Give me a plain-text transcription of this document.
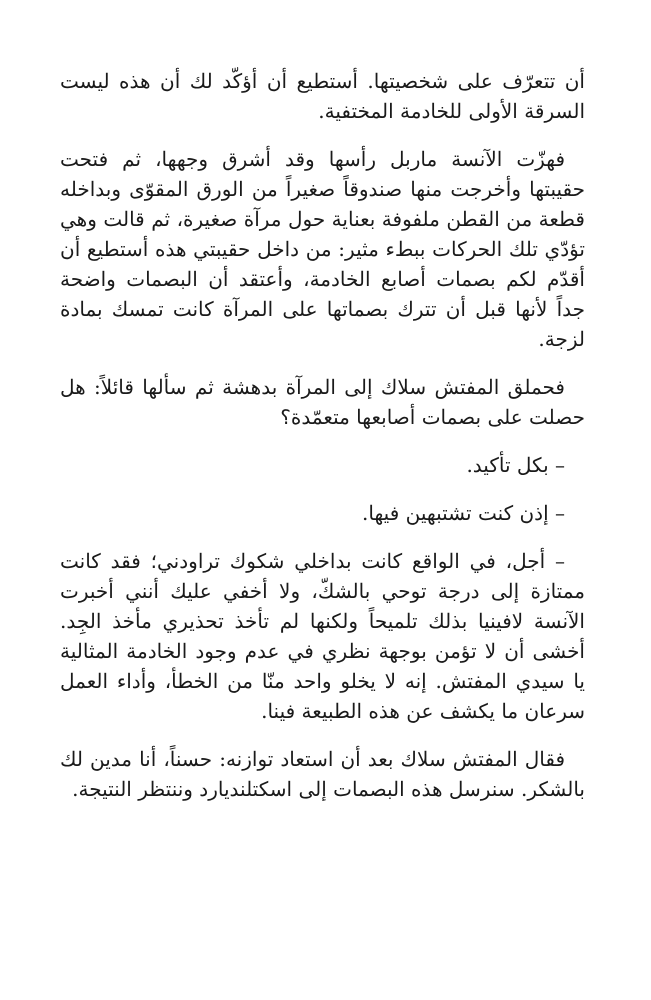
أن تتعرّف على شخصيتها. أستطيع أن أؤكّد لك أن هذه ليست السرقة الأولى للخادمة المختفية.

فهزّت الآنسة ماربل رأسها وقد أشرق وجهها، ثم فتحت حقيبتها وأخرجت منها صندوقاً صغيراً من الورق المقوّى وبداخله قطعة من القطن ملفوفة بعناية حول مرآة صغيرة، ثم قالت وهي تؤدّي تلك الحركات ببطء مثير: من داخل حقيبتي هذه أستطيع أن أقدّم لكم بصمات أصابع الخادمة، وأعتقد أن البصمات واضحة جداً لأنها قبل أن تترك بصماتها على المرآة كانت تمسك بمادة لزجة.

فحملق المفتش سلاك إلى المرآة بدهشة ثم سألها قائلاً: هل حصلت على بصمات أصابعها متعمّدة؟

– بكل تأكيد.

– إذن كنت تشتبهين فيها.

– أجل، في الواقع كانت بداخلي شكوك تراودني؛ فقد كانت ممتازة إلى درجة توحي بالشكّ، ولا أخفي عليك أنني أخبرت الآنسة لافينيا بذلك تلميحاً ولكنها لم تأخذ تحذيري مأخذ الجِد. أخشى أن لا تؤمن بوجهة نظري في عدم وجود الخادمة المثالية يا سيدي المفتش. إنه لا يخلو واحد منّا من الخطأ، وأداء العمل سرعان ما يكشف عن هذه الطبيعة فينا.

فقال المفتش سلاك بعد أن استعاد توازنه: حسناً، أنا مدين لك بالشكر. سنرسل هذه البصمات إلى اسكتلنديارد وننتظر النتيجة.
